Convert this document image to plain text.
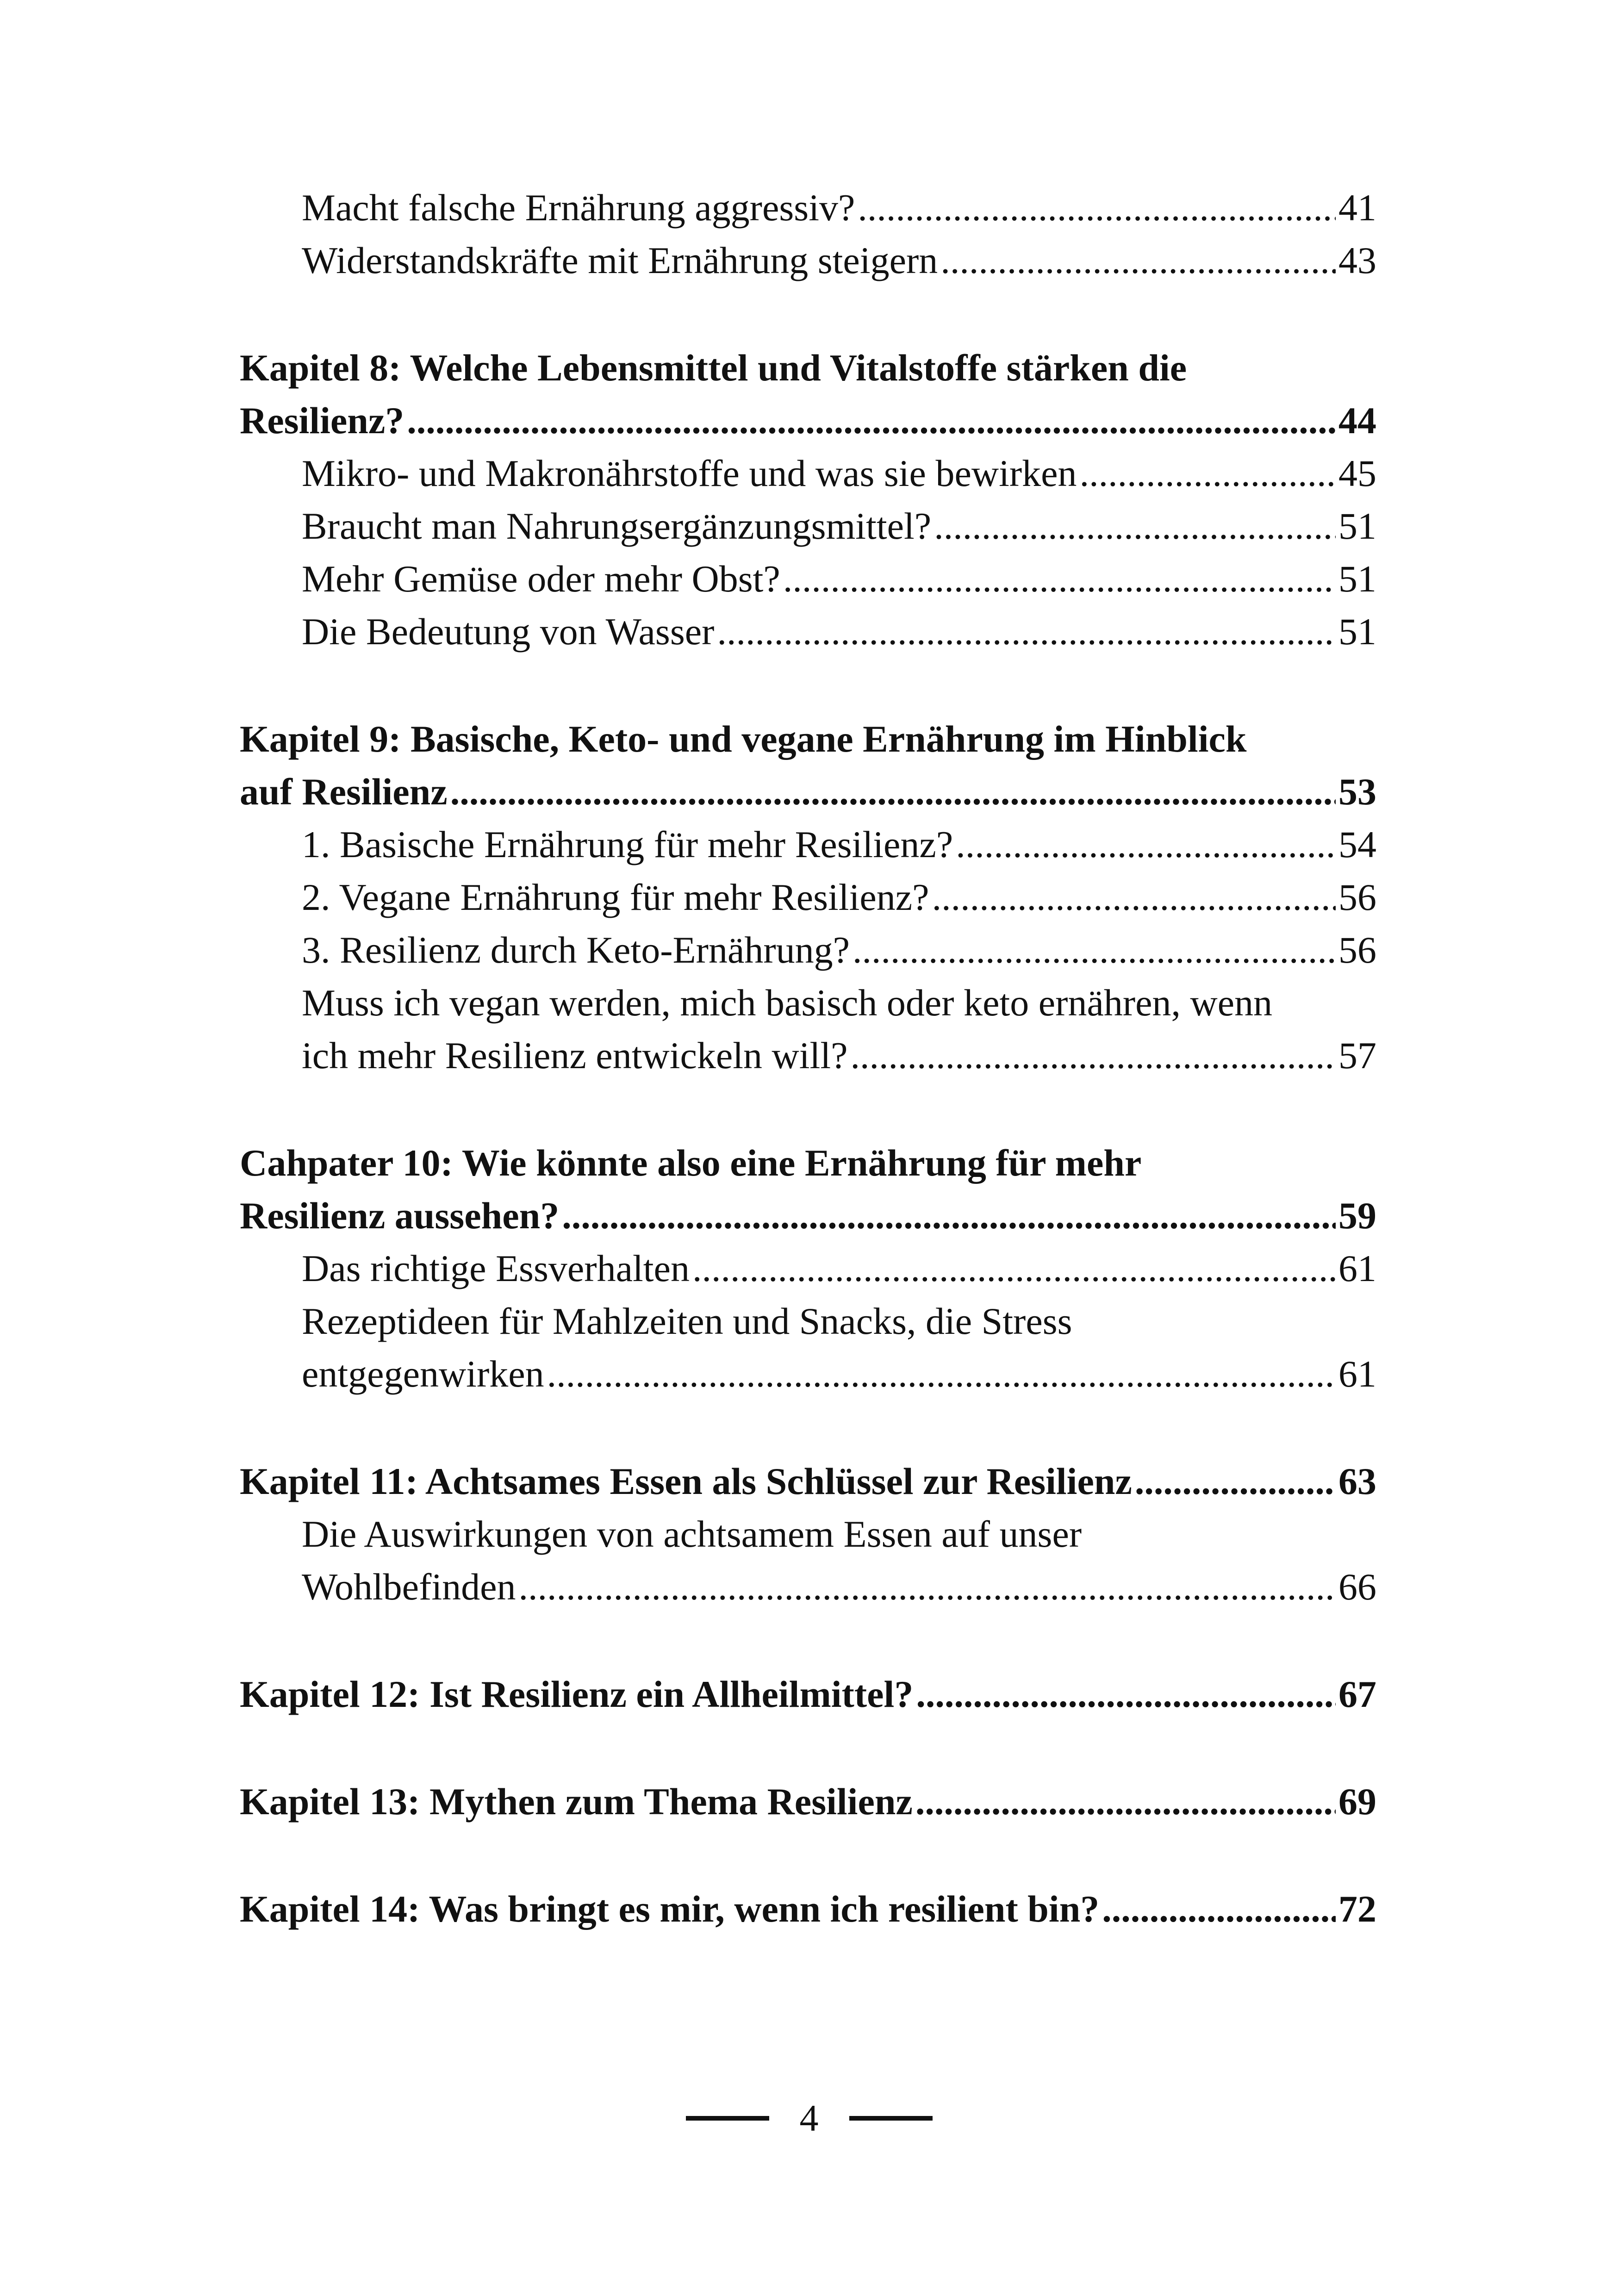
Macht falsche Ernährung aggressiv? .....	41
Widerstandskräfte mit Ernährung steigern .....	43
Kapitel 8: Welche Lebensmittel und Vitalstoffe stärken die
Resilienz? .....	44
Mikro- und Makronährstoffe und was sie bewirken .....	45
Braucht man Nahrungsergänzungsmittel? .....	51
Mehr Gemüse oder mehr Obst? .....	51
Die Bedeutung von Wasser .....	51
Kapitel 9: Basische, Keto- und vegane Ernährung im Hinblick
auf Resilienz .....	53
1. Basische Ernährung für mehr Resilienz? .....	54
2. Vegane Ernährung für mehr Resilienz? .....	56
3. Resilienz durch Keto-Ernährung? .....	56
Muss ich vegan werden, mich basisch oder keto ernähren, wenn
ich mehr Resilienz entwickeln will? .....	57
Cahpater 10: Wie könnte also eine Ernährung für mehr
Resilienz aussehen? .....	59
Das richtige Essverhalten .....	61
Rezeptideen für Mahlzeiten und Snacks, die Stress
entgegenwirken .....	61
Kapitel 11: Achtsames Essen als Schlüssel zur Resilienz .....	63
Die Auswirkungen von achtsamem Essen auf unser
Wohlbefinden .....	66
Kapitel 12: Ist Resilienz ein Allheilmittel? .....	67
Kapitel 13: Mythen zum Thema Resilienz .....	69
Kapitel 14: Was bringt es mir, wenn ich resilient bin? .....	72
4
